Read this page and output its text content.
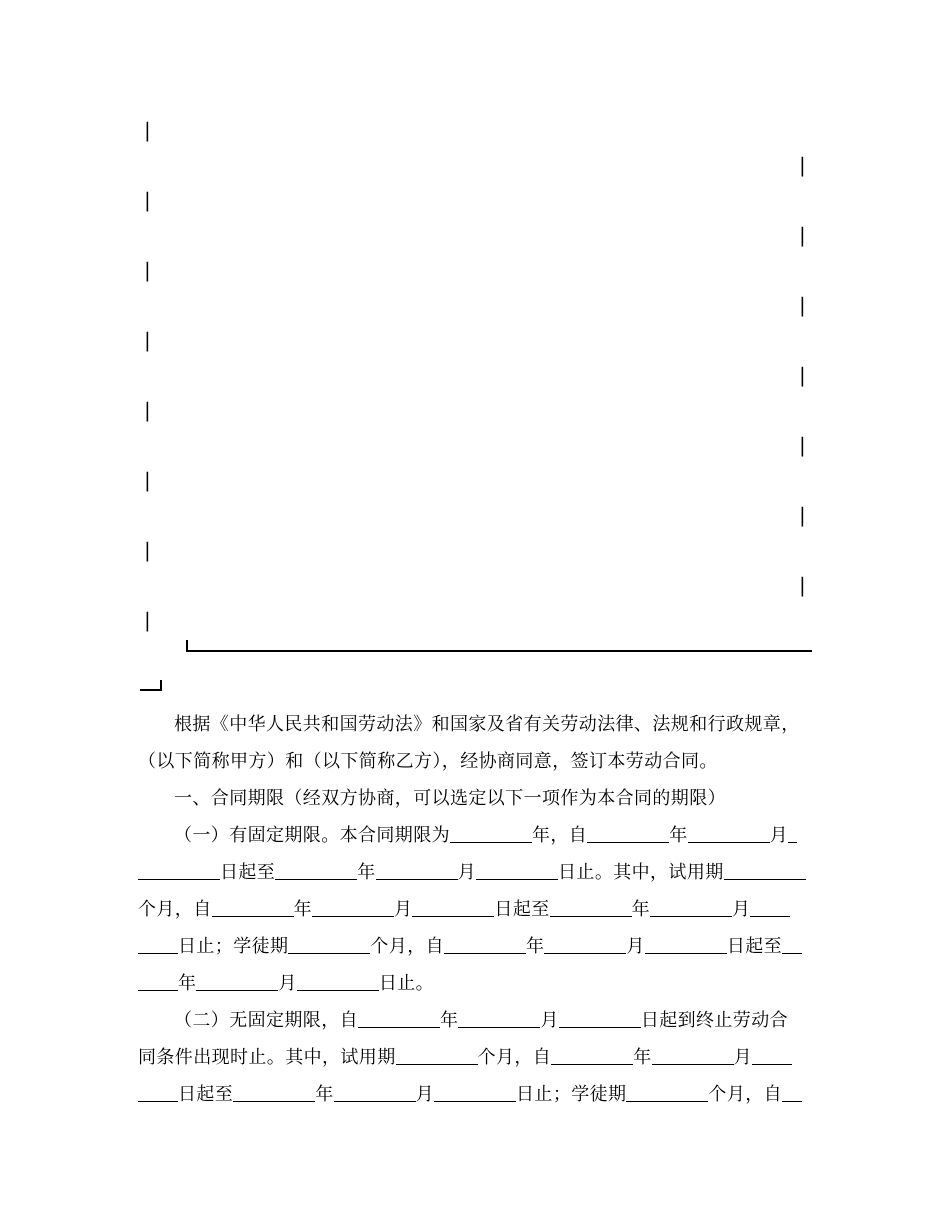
|
|
|
|
|
|
|
|
|
|
|
|
|
|
|

根据《中华人民共和国劳动法》和国家及省有关劳动法律、法规和行政规章，

（以下简称甲方）和（以下简称乙方），经协商同意，签订本劳动合同。

一、合同期限（经双方协商，可以选定以下一项作为本合同的期限）

（一）有固定期限。本合同期限为	年，自	年	月

日起至	年	月	日止。其中，试用期

个月，自	年	月	日起至	年	月

日止；学徒期	个月，自	年	月	日起至

年	月	日止。

（二）无固定期限，自	年	月	日起到终止劳动合

同条件出现时止。其中，试用期	个月，自	年	月

日起至	年	月	日止；学徒期	个月，自
